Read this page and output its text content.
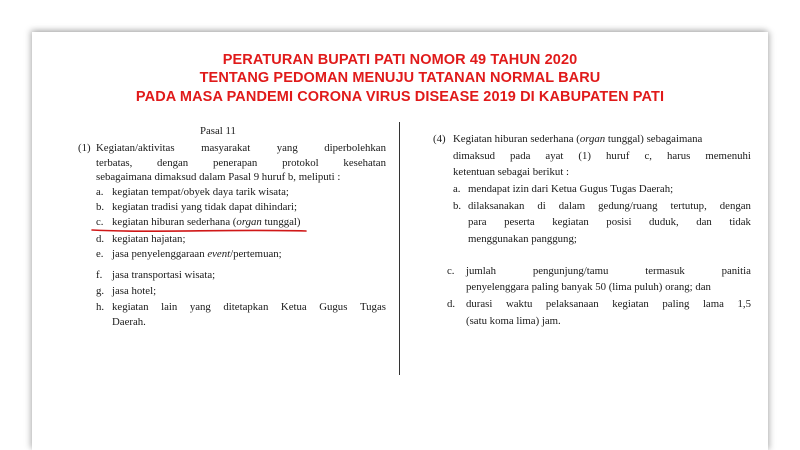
PERATURAN BUPATI PATI NOMOR 49 TAHUN 2020
TENTANG PEDOMAN MENUJU TATANAN NORMAL BARU
PADA MASA PANDEMI CORONA VIRUS DISEASE 2019 DI KABUPATEN PATI
Pasal 11
(1) Kegiatan/aktivitas masyarakat yang diperbolehkan
terbatas, dengan penerapan protokol kesehatan
sebagaimana dimaksud dalam Pasal 9 huruf b, meliputi :
a. kegiatan tempat/obyek daya tarik wisata;
b. kegiatan tradisi yang tidak dapat dihindari;
c. kegiatan hiburan sederhana (organ tunggal)
d. kegiatan hajatan;
e. jasa penyelenggaraan event/pertemuan;
f. jasa transportasi wisata;
g. jasa hotel;
h. kegiatan lain yang ditetapkan Ketua Gugus Tugas
Daerah.
(4) Kegiatan hiburan sederhana (organ tunggal) sebagaimana
dimaksud pada ayat (1) huruf c, harus memenuhi
ketentuan sebagai berikut :
a. mendapat izin dari Ketua Gugus Tugas Daerah;
b. dilaksanakan di dalam gedung/ruang tertutup, dengan
para peserta kegiatan posisi duduk, dan tidak
menggunakan panggung;
c. jumlah	pengunjung/tamu	termasuk	panitia
penyelenggara paling banyak 50 (lima puluh) orang; dan
d. durasi waktu pelaksanaan kegiatan paling lama 1,5
(satu koma lima) jam.
